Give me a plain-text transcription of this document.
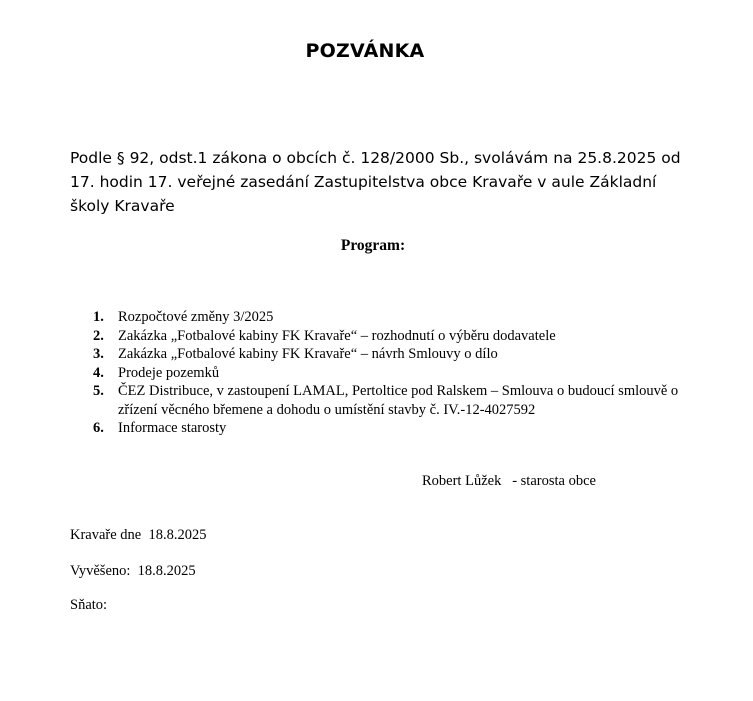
POZVÁNKA
Podle § 92, odst.1 zákona o obcích č. 128/2000 Sb., svolávám na 25.8.2025 od 17. hodin 17. veřejné zasedání Zastupitelstva obce Kravaře v aule Základní školy Kravaře
Program:
1. Rozpočtové změny 3/2025
2. Zakázka „Fotbalové kabiny FK Kravaře“ – rozhodnutí o výběru dodavatele
3. Zakázka „Fotbalové kabiny FK Kravaře“ – návrh Smlouvy o dílo
4. Prodeje pozemků
5. ČEZ Distribuce, v zastoupení LAMAL, Pertoltice pod Ralskem – Smlouva o budoucí smlouvě o zřízení věcného břemene a dohodu o umístění stavby č. IV.-12-4027592
6. Informace starosty
Robert Lůžek   - starosta obce
Kravaře dne  18.8.2025
Vyvěšeno:  18.8.2025
Sňato:
